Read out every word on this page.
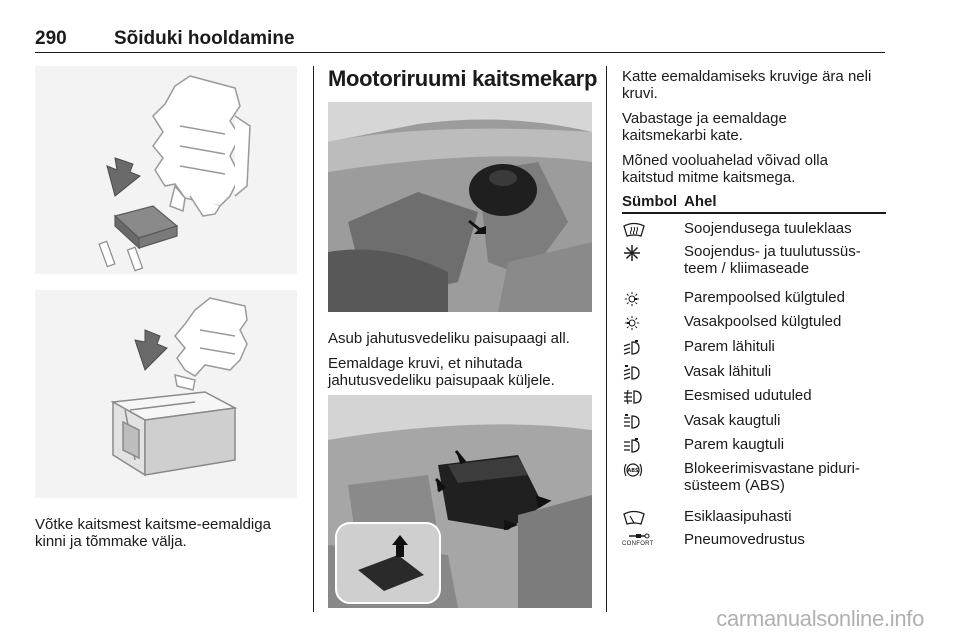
290 Sõiduki hooldamine
Võtke kaitsmest kaitsme-eemaldiga
kinni ja tõmmake välja.
Mootoriruumi kaitsmekarp
Asub jahutusvedeliku paisupaagi all.
Eemaldage kruvi, et nihutada
jahutusvedeliku paisupaak küljele.
Katte eemaldamiseks kruvige ära neli
kruvi.
Vabastage ja eemaldage
kaitsmekarbi kate.
Mõned vooluahelad võivad olla
kaitstud mitme kaitsmega.
Sümbol Ahel
Soojendusega tuuleklaas
Soojendus- ja tuulutussüs-
teem / kliimaseade
Parempoolsed külgtuled
Vasakpoolsed külgtuled
Parem lähituli
Vasak lähituli
Eesmised udutuled
Vasak kaugtuli
Parem kaugtuli
ABS	Blokeerimisvastane piduri-
süsteem (ABS)
Esiklaasipuhasti
CONFORT Pneumovedrustus
carmanualsonline.info
